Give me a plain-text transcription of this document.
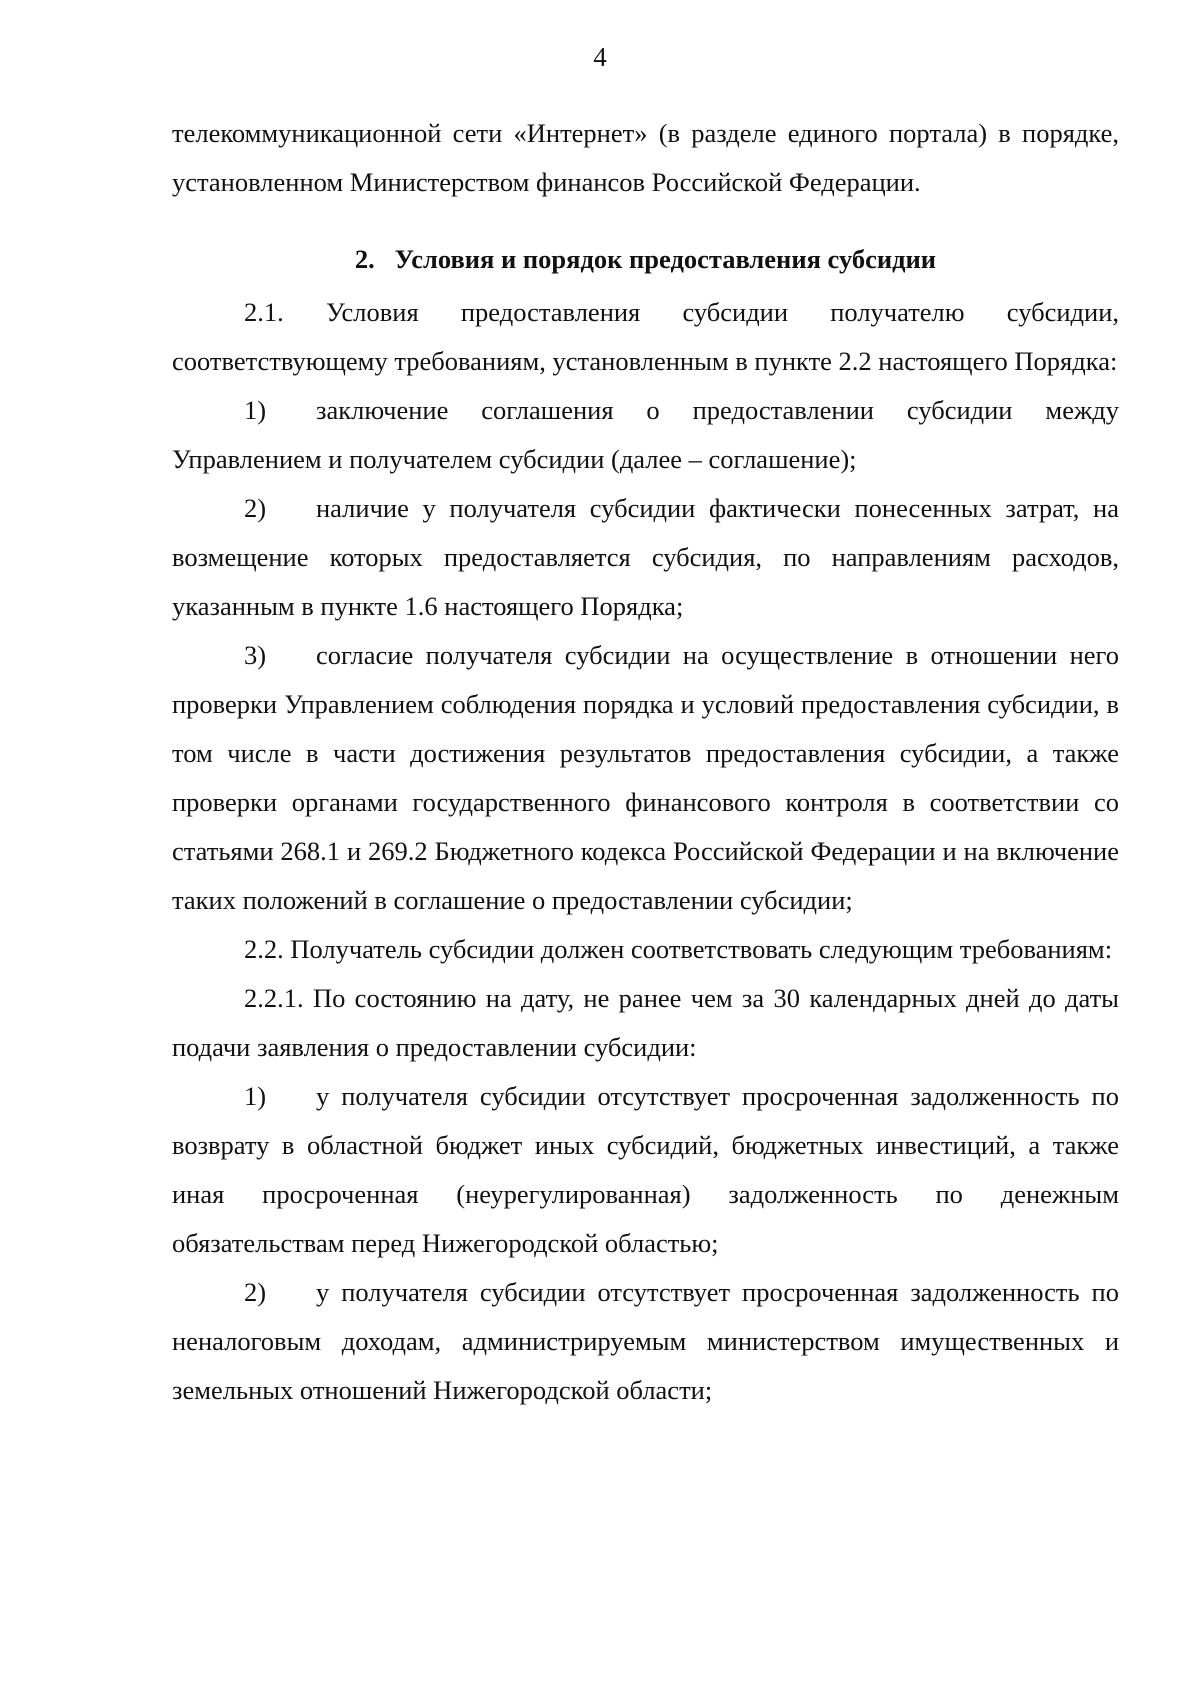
4

телекоммуникационной сети «Интернет» (в разделе единого портала) в порядке, установленном Министерством финансов Российской Федерации.

2.   Условия и порядок предоставления субсидии

2.1. Условия предоставления субсидии получателю субсидии, соответствующему требованиям, установленным в пункте 2.2 настоящего Порядка:

1) заключение соглашения о предоставлении субсидии между Управлением и получателем субсидии (далее – соглашение);

2) наличие у получателя субсидии фактически понесенных затрат, на возмещение которых предоставляется субсидия, по направлениям расходов, указанным в пункте 1.6 настоящего Порядка;

3) согласие получателя субсидии на осуществление в отношении него проверки Управлением соблюдения порядка и условий предоставления субсидии, в том числе в части достижения результатов предоставления субсидии, а также проверки органами государственного финансового контроля в соответствии со статьями 268.1 и 269.2 Бюджетного кодекса Российской Федерации и на включение таких положений в соглашение о предоставлении субсидии;

2.2. Получатель субсидии должен соответствовать следующим требованиям:

2.2.1. По состоянию на дату, не ранее чем за 30 календарных дней до даты подачи заявления о предоставлении субсидии:

1) у получателя субсидии отсутствует просроченная задолженность по возврату в областной бюджет иных субсидий, бюджетных инвестиций, а также иная просроченная (неурегулированная) задолженность по денежным обязательствам перед Нижегородской областью;

2) у получателя субсидии отсутствует просроченная задолженность по неналоговым доходам, администрируемым министерством имущественных и земельных отношений Нижегородской области;
